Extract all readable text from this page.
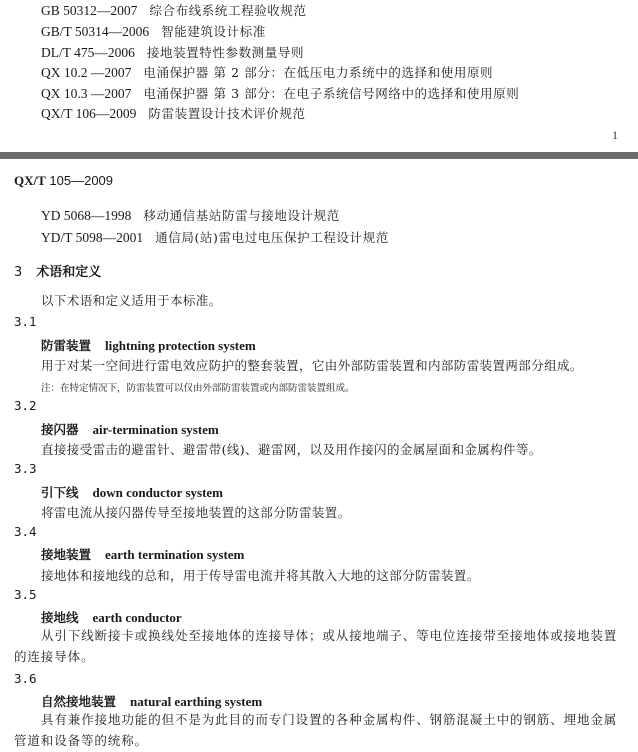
GB 50312—2007 综合布线系统工程验收规范
GB/T 50314—2006 智能建筑设计标准
DL/T 475—2006 接地装置特性参数测量导则
QX 10.2 —2007 电涌保护器 第 2 部分：在低压电力系统中的选择和使用原则
QX 10.3 —2007 电涌保护器 第 3 部分：在电子系统信号网络中的选择和使用原则
QX/T 106—2009 防雷装置设计技术评价规范
1
QX/T 105—2009
YD 5068—1998 移动通信基站防雷与接地设计规范
YD/T 5098—2001 通信局(站)雷电过电压保护工程设计规范
3 术语和定义
以下术语和定义适用于本标准。
3.1
防雷装置 lightning protection system
用于对某一空间进行雷电效应防护的整套装置，它由外部防雷装置和内部防雷装置两部分组成。
注：在特定情况下，防雷装置可以仅由外部防雷装置或内部防雷装置组成。
3.2
接闪器 air-termination system
直接接受雷击的避雷针、避雷带(线)、避雷网，以及用作接闪的金属屋面和金属构件等。
3.3
引下线 down conductor system
将雷电流从接闪器传导至接地装置的这部分防雷装置。
3.4
接地装置 earth termination system
接地体和接地线的总和，用于传导雷电流并将其散入大地的这部分防雷装置。
3.5
接地线 earth conductor
从引下线断接卡或换线处至接地体的连接导体；或从接地端子、等电位连接带至接地体或接地装置的连接导体。
3.6
自然接地装置 natural earthing system
具有兼作接地功能的但不是为此目的而专门设置的各种金属构件、钢筋混凝土中的钢筋、埋地金属管道和设备等的统称。
